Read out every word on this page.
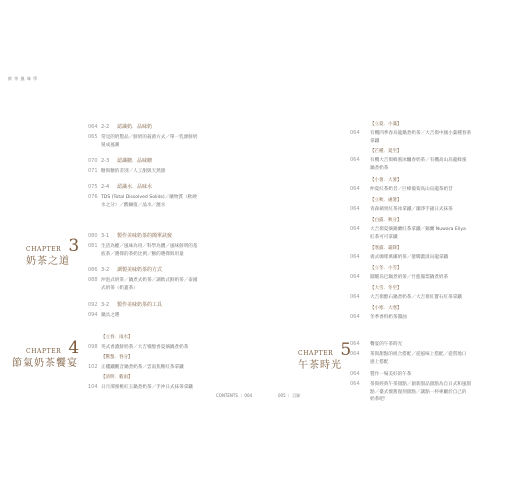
飲 茶 風 味 學
CHAPTER 3
奶茶之道
CHAPTER 4
節氣奶茶饗宴
CHAPTER 5
午茶時光
064 2-2 認識奶．品味奶
065 常見的奶製品／鮮奶的殺菌方式／單一乳源鮮奶
舅成風潮
070 2-3 認識糖．品味糖
071 糖與糖的差別／人工甜與天然甜
075 2-4 認識水．品味水
076 TDS (Total Dissolved Solids)／礦物質（軟硬
水之分）／酸鹼值／晶水／瀝水
080 3-1 製作美味奶茶的簡單訣竅
081 生活為權／風味為用／科學為體／風味鮮明的基
底茶／選擇的茶奶比例／糖的選擇與用量
086 3-2 調製美味奶茶的方式
088 沖泡式奶茶／鍋煮式奶茶／調飲式鮮奶茶／泰國
式奶茶（奶蓋茶）
092 3-2 製作美味奶茶的工具
094 鍋具之選
【立春．雨水】
098 英式香濃鮮奶茶／大吉嶺醇香夏摘鍋煮奶茶
【驚蟄．春分】
102 正欉鐵觀音鍋煮奶茶／雲南焦糖紅茶拿鐵
【清明．穀雨】
104 日月潭蜜桃紅玉鍋煮奶茶／手沖日式抹茶拿鐵
【立夏．小滿】
064 有機四季春烏龍鍋煮奶茶／大吉嶺中國小葉種春茶
拿鐵
【芒種．夏至】
064 有機大吉嶺蜂蜜冰釀春奶茶／有機高山烏龍蜂蜜
鍋煮奶茶
【小暑．大暑】
064 仲夏紅茶奶昔／巨峰葡萄高山烏龍茶奶昔
【立秋．處暑】
064 青森蘋果紅茶冰拿鐵／團淨手錦日式抹茶
【白露．秋分】
064 大吉嶺夏摘錫蘭紅茶拿鐵／錫蘭 Nuwara Eliya
紅茶可可拿鐵
【寒露．霜降】
064 義式咖啡萬縷奶茶／螢燭濃汲烏龍拿鐵
【立冬．小雪】
064 圓醒烏巴鍋煮奶茶／竹藍鳳梨鍋煮奶茶
【大雪．冬至】
064 大吉嶺醇石鍋煮奶茶／大吉嶺紅寶石紅茶拿鐵
【小寒．大寒】
064 冬季香料奶茶醬油
064 饗宴的午茶時光
064 茶與甜點的組合搭配／從風味上搭配／從質地口
感上搭配
064 製作一場美好的午茶
064 茶與經典午茶甜點／創新甜品甜點為自日式和風甜
點／臺式懷舊復刻甜點／讓點一杯專屬於自己的
奶茶吧！
CONTENTS ｜ 004	005 ｜ 目錄
